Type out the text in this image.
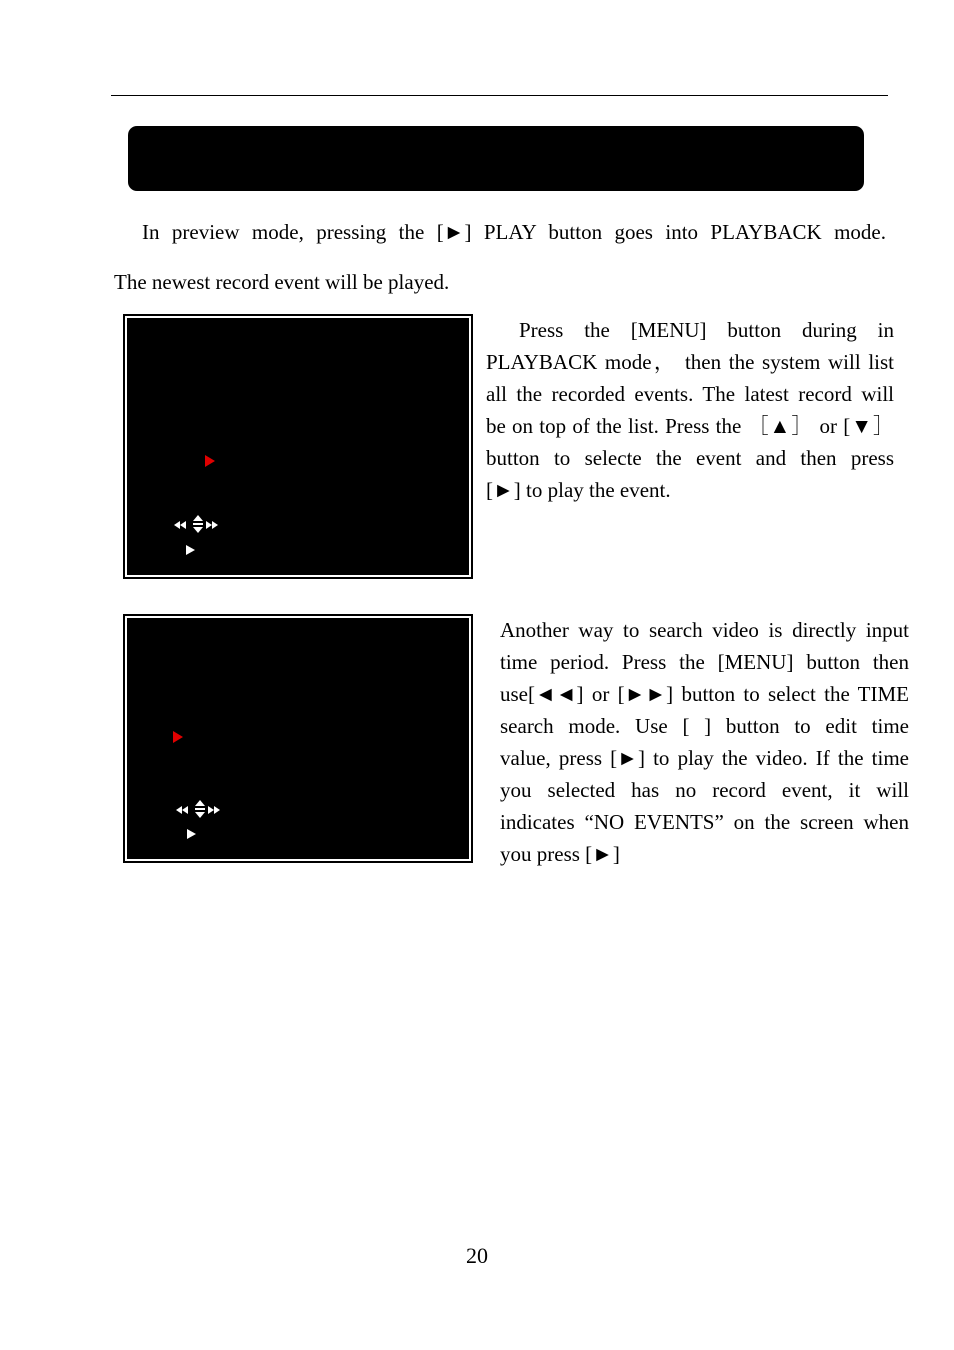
In preview mode, pressing the [►] PLAY button goes into PLAYBACK mode.

The newest record event will be played.

Press the [MENU] button during in
PLAYBACK mode， then the system will list
all the recorded events. The latest record will
be on top of the list. Press the ［▲］ or [▼］
button to selecte the event and then press
[►] to play the event.
Another way to search video is directly input
time period. Press the [MENU] button then
use[◄◄] or [►►] button to select the TIME
search mode. Use [ ] button to edit time
value, press [►] to play the video. If the time
you selected has no record event, it will
indicates “NO EVENTS” on the screen when
you press [►]
20
